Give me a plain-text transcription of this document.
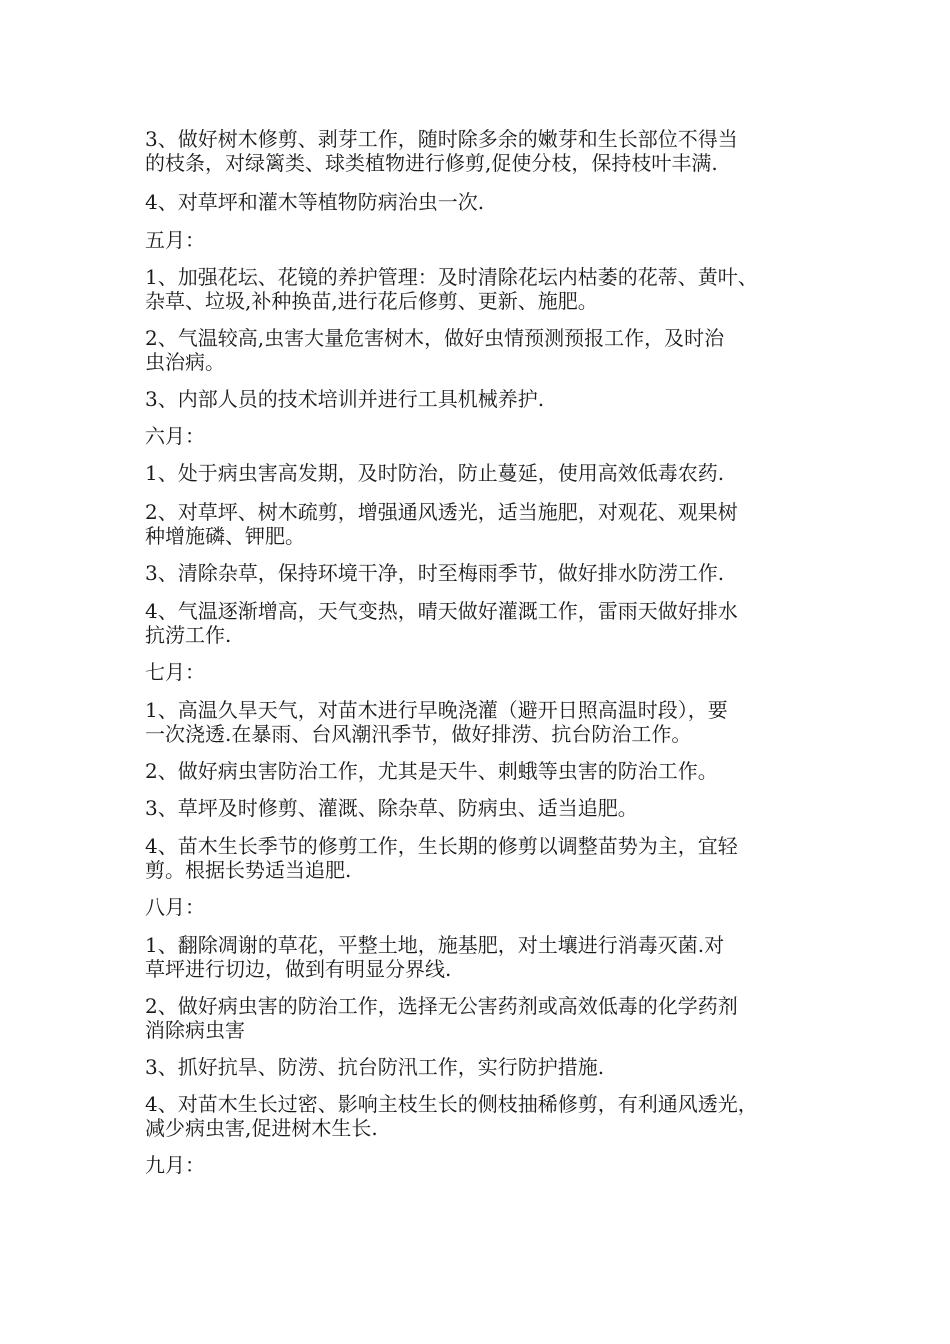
3、做好树木修剪、剥芽工作，随时除多余的嫩芽和生长部位不得当
的枝条，对绿篱类、球类植物进行修剪,促使分枝，保持枝叶丰满.

4、对草坪和灌木等植物防病治虫一次.

五月：

1、加强花坛、花镜的养护管理：及时清除花坛内枯萎的花蒂、黄叶、
杂草、垃圾,补种换苗,进行花后修剪、更新、施肥。

2、气温较高,虫害大量危害树木，做好虫情预测预报工作，及时治
虫治病。

3、内部人员的技术培训并进行工具机械养护.

六月：

1、处于病虫害高发期，及时防治，防止蔓延，使用高效低毒农药.

2、对草坪、树木疏剪，增强通风透光，适当施肥，对观花、观果树
种增施磷、钾肥。

3、清除杂草，保持环境干净，时至梅雨季节，做好排水防涝工作.

4、气温逐渐增高，天气变热，晴天做好灌溉工作，雷雨天做好排水
抗涝工作.

七月：

1、高温久旱天气，对苗木进行早晚浇灌（避开日照高温时段），要
一次浇透.在暴雨、台风潮汛季节，做好排涝、抗台防治工作。

2、做好病虫害防治工作，尤其是天牛、刺蛾等虫害的防治工作。

3、草坪及时修剪、灌溉、除杂草、防病虫、适当追肥。

4、苗木生长季节的修剪工作，生长期的修剪以调整苗势为主，宜轻
剪。根据长势适当追肥.

八月：

1、翻除凋谢的草花，平整土地，施基肥，对土壤进行消毒灭菌.对
草坪进行切边，做到有明显分界线.

2、做好病虫害的防治工作，选择无公害药剂或高效低毒的化学药剂
消除病虫害

3、抓好抗旱、防涝、抗台防汛工作，实行防护措施.

4、对苗木生长过密、影响主枝生长的侧枝抽稀修剪，有利通风透光，
减少病虫害,促进树木生长.

九月：
